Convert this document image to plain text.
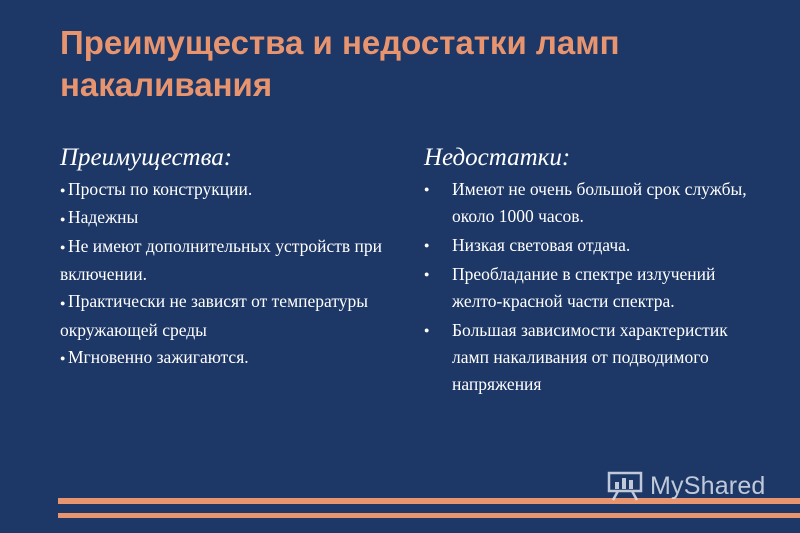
Преимущества и недостатки ламп накаливания

Преимущества:	Недостатки:

● Просты по конструкции.
● Надежны
● Не имеют дополнительных устройств при включении.
● Практически не зависят от температуры окружающей среды
● Мгновенно зажигаются.
● Имеют не очень большой срок службы, около 1000 часов.
● Низкая световая отдача.
● Преобладание в спектре излучений желто-красной части спектра.
● Большая зависимости характеристик ламп накаливания от подводимого напряжения
MyShared
